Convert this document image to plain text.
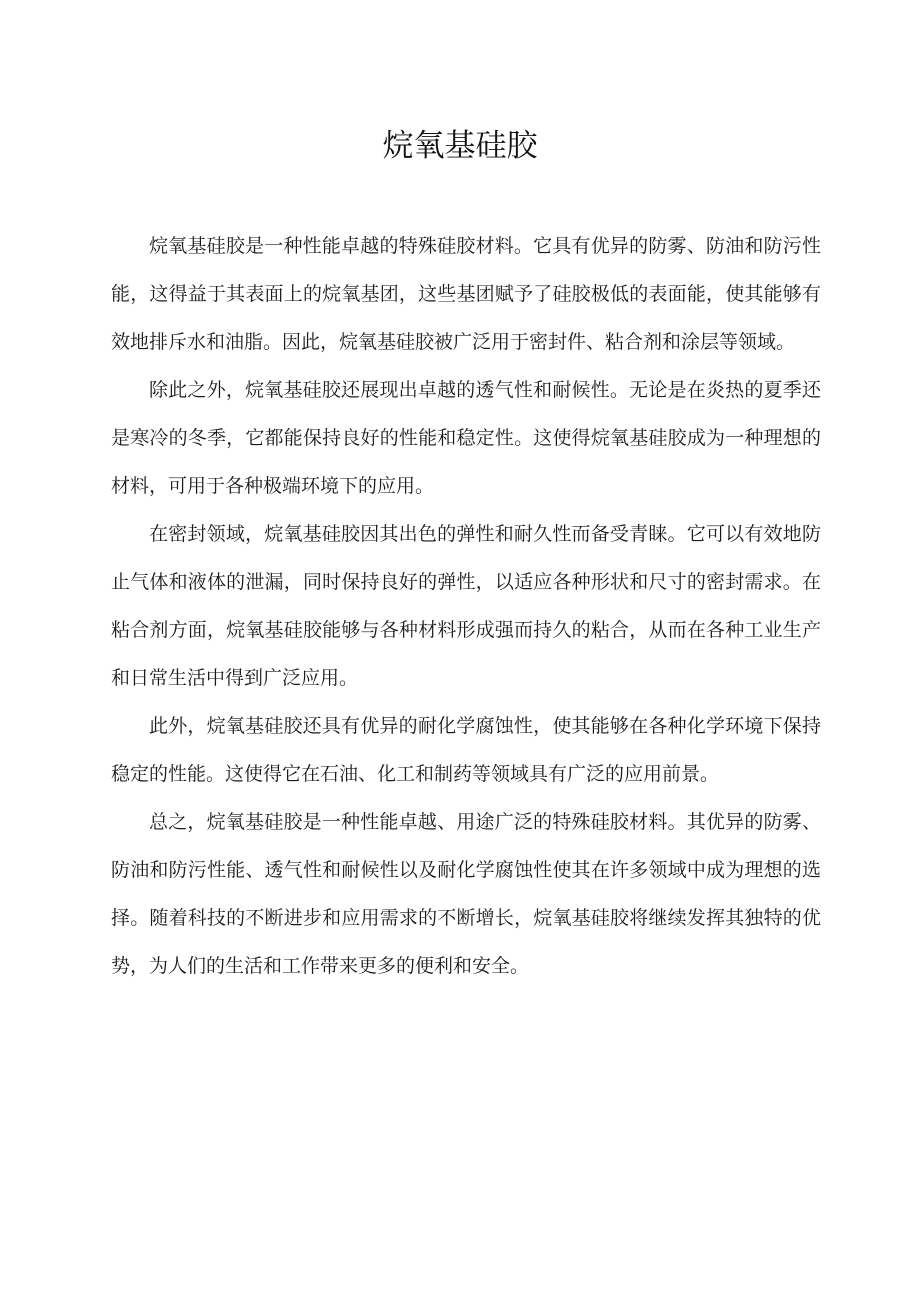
烷氧基硅胶

烷氧基硅胶是一种性能卓越的特殊硅胶材料。它具有优异的防雾、防油和防污性能，这得益于其表面上的烷氧基团，这些基团赋予了硅胶极低的表面能，使其能够有效地排斥水和油脂。因此，烷氧基硅胶被广泛用于密封件、粘合剂和涂层等领域。

除此之外，烷氧基硅胶还展现出卓越的透气性和耐候性。无论是在炎热的夏季还是寒冷的冬季，它都能保持良好的性能和稳定性。这使得烷氧基硅胶成为一种理想的材料，可用于各种极端环境下的应用。

在密封领域，烷氧基硅胶因其出色的弹性和耐久性而备受青睐。它可以有效地防止气体和液体的泄漏，同时保持良好的弹性，以适应各种形状和尺寸的密封需求。在粘合剂方面，烷氧基硅胶能够与各种材料形成强而持久的粘合，从而在各种工业生产和日常生活中得到广泛应用。

此外，烷氧基硅胶还具有优异的耐化学腐蚀性，使其能够在各种化学环境下保持稳定的性能。这使得它在石油、化工和制药等领域具有广泛的应用前景。

总之，烷氧基硅胶是一种性能卓越、用途广泛的特殊硅胶材料。其优异的防雾、防油和防污性能、透气性和耐候性以及耐化学腐蚀性使其在许多领域中成为理想的选择。随着科技的不断进步和应用需求的不断增长，烷氧基硅胶将继续发挥其独特的优势，为人们的生活和工作带来更多的便利和安全。
